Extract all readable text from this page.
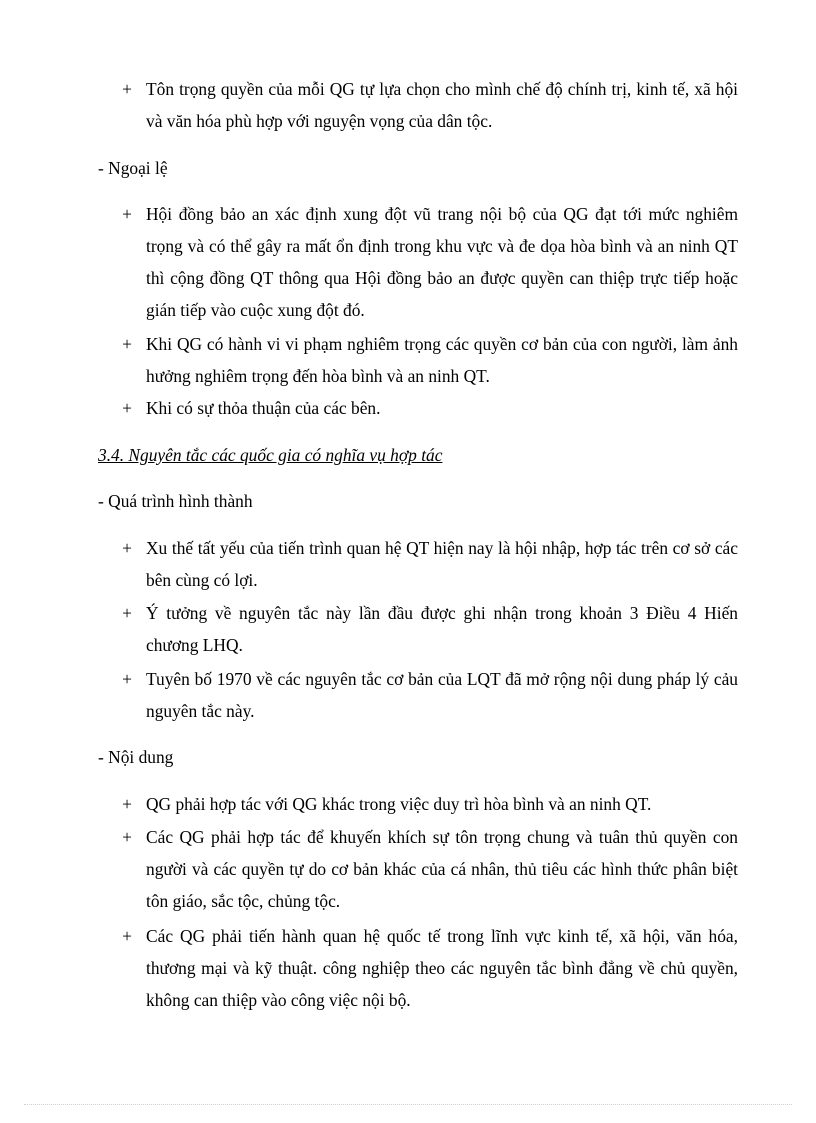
+ Tôn trọng quyền của mỗi QG tự lựa chọn cho mình chế độ chính trị, kinh tế, xã hội và văn hóa phù hợp với nguyện vọng của dân tộc.
- Ngoại lệ
+ Hội đồng bảo an xác định xung đột vũ trang nội bộ của QG đạt tới mức nghiêm trọng và có thể gây ra mất ổn định trong khu vực và đe dọa hòa bình và an ninh QT thì cộng đồng QT thông qua Hội đồng bảo an được quyền can thiệp trực tiếp hoặc gián tiếp vào cuộc xung đột đó.
+ Khi QG có hành vi vi phạm nghiêm trọng các quyền cơ bản của con người, làm ảnh hưởng nghiêm trọng đến hòa bình và an ninh QT.
+ Khi có sự thỏa thuận của các bên.
3.4. Nguyên tắc các quốc gia có nghĩa vụ hợp tác
- Quá trình hình thành
+ Xu thế tất yếu của tiến trình quan hệ QT hiện nay là hội nhập, hợp tác trên cơ sở các bên cùng có lợi.
+ Ý tưởng về nguyên tắc này lần đầu được ghi nhận trong khoản 3 Điều 4 Hiến chương LHQ.
+ Tuyên bố 1970 về các nguyên tắc cơ bản của LQT đã mở rộng nội dung pháp lý cảu nguyên tắc này.
- Nội dung
+ QG phải hợp tác với QG khác trong việc duy trì hòa bình và an ninh QT.
+ Các QG phải hợp tác để khuyến khích sự tôn trọng chung và tuân thủ quyền con người và các quyền tự do cơ bản khác của cá nhân, thủ tiêu các hình thức phân biệt tôn giáo, sắc tộc, chủng tộc.
+ Các QG phải tiến hành quan hệ quốc tế trong lĩnh vực kinh tế, xã hội, văn hóa, thương mại và kỹ thuật. công nghiệp theo các nguyên tắc bình đẳng về chủ quyền, không can thiệp vào công việc nội bộ.
